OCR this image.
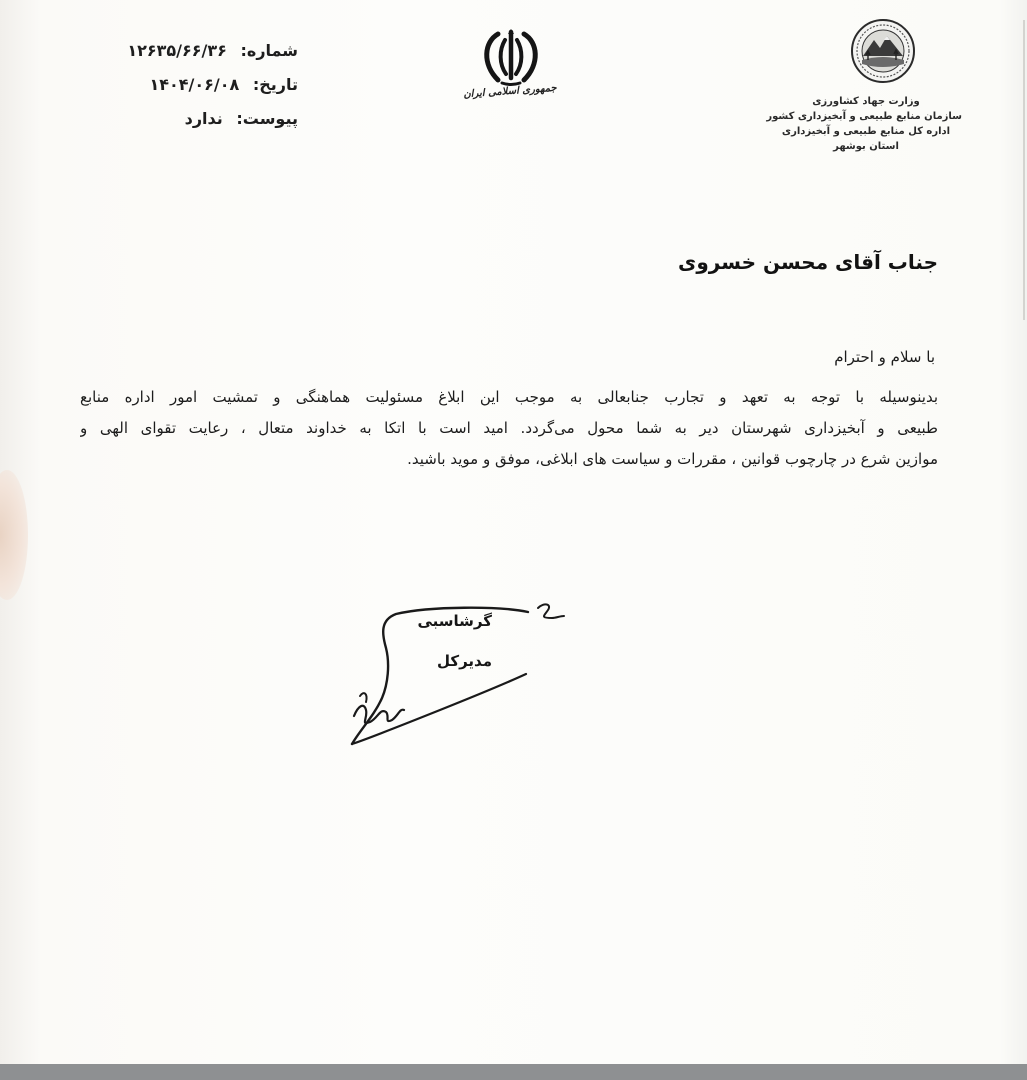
وزارت جهاد کشاورزی
سازمان منابع طبیعی و آبخیزداری کشور
اداره کل منابع طبیعی و آبخیزداری
استان بوشهر
جمهوری اسلامی ایران
شماره: ۱۲۶۳۵/۶۶/۳۶
تاریخ: ۱۴۰۴/۰۶/۰۸
پیوست: ندارد
جناب آقای محسن خسروی
با سلام و احترام
بدینوسیله با توجه به تعهد و تجارب جنابعالی به موجب این ابلاغ مسئولیت هماهنگی و تمشیت امور اداره منابع
طبیعی و آبخیزداری شهرستان دیر به شما محول می‌گردد. امید است با اتکا به خداوند متعال ، رعایت تقوای الهی و
موازین شرع در چارچوب قوانین ، مقررات و سیاست های ابلاغی، موفق و موید باشید.
گرشاسبی
مدیرکل
